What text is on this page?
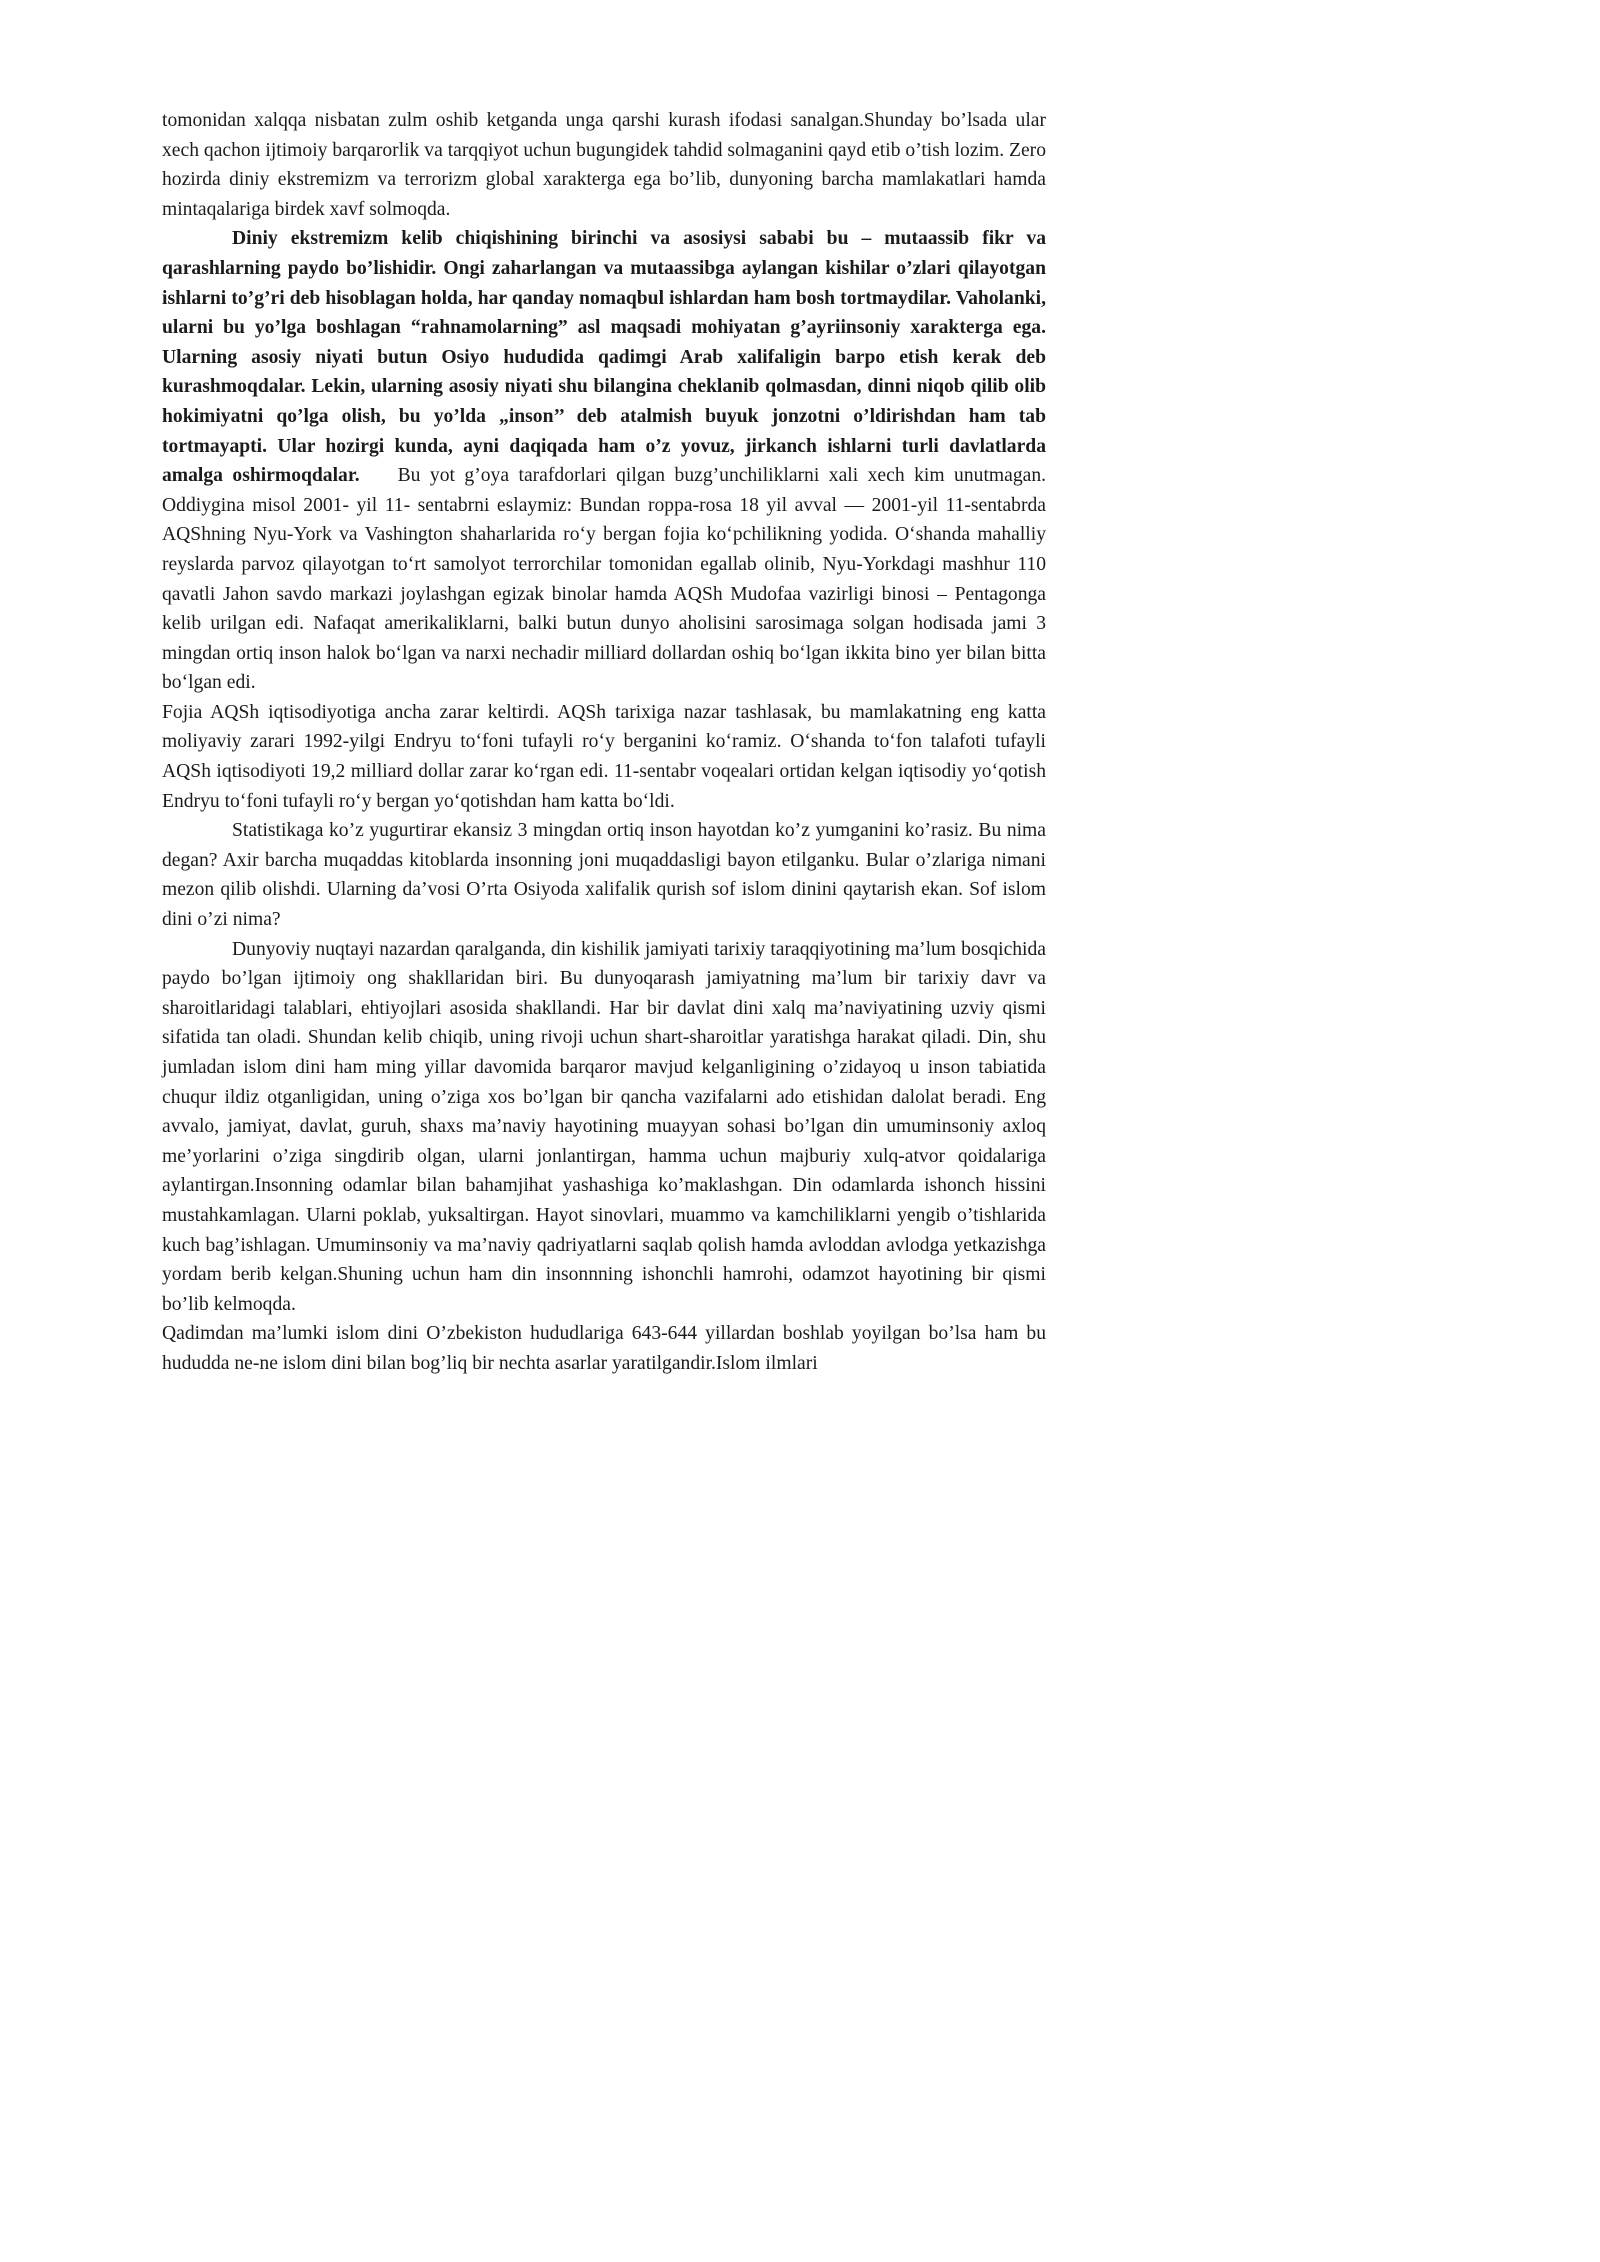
tomonidan xalqqa nisbatan zulm oshib ketganda unga qarshi kurash ifodasi sanalgan.Shunday bo’lsada ular xech qachon ijtimoiy barqarorlik va tarqqiyot uchun bugungidek tahdid solmaganini qayd etib o’tish lozim. Zero hozirda diniy ekstremizm va terrorizm global xarakterga ega bo’lib, dunyoning barcha mamlakatlari hamda mintaqalariga birdek xavf solmoqda.

Diniy ekstremizm kelib chiqishining birinchi va asosiysi sababi bu – mutaassib fikr va qarashlarning paydo bo’lishidir. Ongi zaharlangan va mutaassibga aylangan kishilar o’zlari qilayotgan ishlarni to’g’ri deb hisoblagan holda, har qanday nomaqbul ishlardan ham bosh tortmaydilar. Vaholanki, ularni bu yo’lga boshlagan “rahnamolarning” asl maqsadi mohiyatan g’ayriinsoniy xarakterga ega. Ularning asosiy niyati butun Osiyo hududida qadimgi Arab xalifaligin barpo etish kerak deb kurashmoqdalar. Lekin, ularning asosiy niyati shu bilangina cheklanib qolmasdan, dinni niqob qilib olib hokimiyatni qo’lga olish, bu yo’lda „inson’’ deb atalmish buyuk jonzotni o’ldirishdan ham tab tortmayapti. Ular hozirgi kunda, ayni daqiqada ham o’z yovuz, jirkanch ishlarni turli davlatlarda amalga oshirmoqdalar. Bu yot g’oya tarafdorlari qilgan buzg’unchiliklarni xali xech kim unutmagan. Oddiygina misol 2001- yil 11- sentabrni eslaymiz: Bundan roppa-rosa 18 yil avval — 2001-yil 11-sentabrda AQShning Nyu-York va Vashington shaharlarida ro‘y bergan fojia ko‘pchilikning yodida. O‘shanda mahalliy reyslarda parvoz qilayotgan to‘rt samolyot terrorchilar tomonidan egallab olinib, Nyu-Yorkdagi mashhur 110 qavatli Jahon savdo markazi joylashgan egizak binolar hamda AQSh Mudofaa vazirligi binosi – Pentagonga kelib urilgan edi. Nafaqat amerikaliklarni, balki butun dunyo aholisini sarosimaga solgan hodisada jami 3 mingdan ortiq inson halok bo‘lgan va narxi nechadir milliard dollardan oshiq bo‘lgan ikkita bino yer bilan bitta bo‘lgan edi.

Fojia AQSh iqtisodiyotiga ancha zarar keltirdi. AQSh tarixiga nazar tashlasak, bu mamlakatning eng katta moliyaviy zarari 1992-yilgi Endryu to‘foni tufayli ro‘y berganini ko‘ramiz. O‘shanda to‘fon talafoti tufayli AQSh iqtisodiyoti 19,2 milliard dollar zarar ko‘rgan edi. 11-sentabr voqealari ortidan kelgan iqtisodiy yo‘qotish Endryu to‘foni tufayli ro‘y bergan yo‘qotishdan ham katta bo‘ldi.

Statistikaga ko’z yugurtirar ekansiz 3 mingdan ortiq inson hayotdan ko’z yumganini ko’rasiz. Bu nima degan? Axir barcha muqaddas kitoblarda insonning joni muqaddasligi bayon etilganku. Bular o’zlariga nimani mezon qilib olishdi. Ularning da’vosi O’rta Osiyoda xalifalik qurish sof islom dinini qaytarish ekan. Sof islom dini o’zi nima?

Dunyoviy nuqtayi nazardan qaralganda, din kishilik jamiyati tarixiy taraqqiyotining ma’lum bosqichida paydo bo’lgan ijtimoiy ong shakllaridan biri. Bu dunyoqarash jamiyatning ma’lum bir tarixiy davr va sharoitlaridagi talablari, ehtiyojlari asosida shakllandi. Har bir davlat dini xalq ma’naviyatining uzviy qismi sifatida tan oladi. Shundan kelib chiqib, uning rivoji uchun shart-sharoitlar yaratishga harakat qiladi. Din, shu jumladan islom dini ham ming yillar davomida barqaror mavjud kelganligining o’zidayoq u inson tabiatida chuqur ildiz otganligidan, uning o’ziga xos bo’lgan bir qancha vazifalarni ado etishidan dalolat beradi. Eng avvalo, jamiyat, davlat, guruh, shaxs ma’naviy hayotining muayyan sohasi bo’lgan din umuminsoniy axloq me’yorlarini o’ziga singdirib olgan, ularni jonlantirgan, hamma uchun majburiy xulq-atvor qoidalariga aylantirgan.Insonning odamlar bilan bahamjihat yashashiga ko’maklashgan. Din odamlarda ishonch hissini mustahkamlagan. Ularni poklab, yuksaltirgan. Hayot sinovlari, muammo va kamchiliklarni yengib o’tishlarida kuch bag’ishlagan. Umuminsoniy va ma’naviy qadriyatlarni saqlab qolish hamda avloddan avlodga yetkazishga yordam berib kelgan.Shuning uchun ham din insonnning ishonchli hamrohi, odamzot hayotining bir qismi bo’lib kelmoqda.

Qadimdan ma’lumki islom dini O’zbekiston hududlariga 643-644 yillardan boshlab yoyilgan bo’lsa ham bu hududda ne-ne islom dini bilan bog’liq bir nechta asarlar yaratilgandir.Islom ilmlari
